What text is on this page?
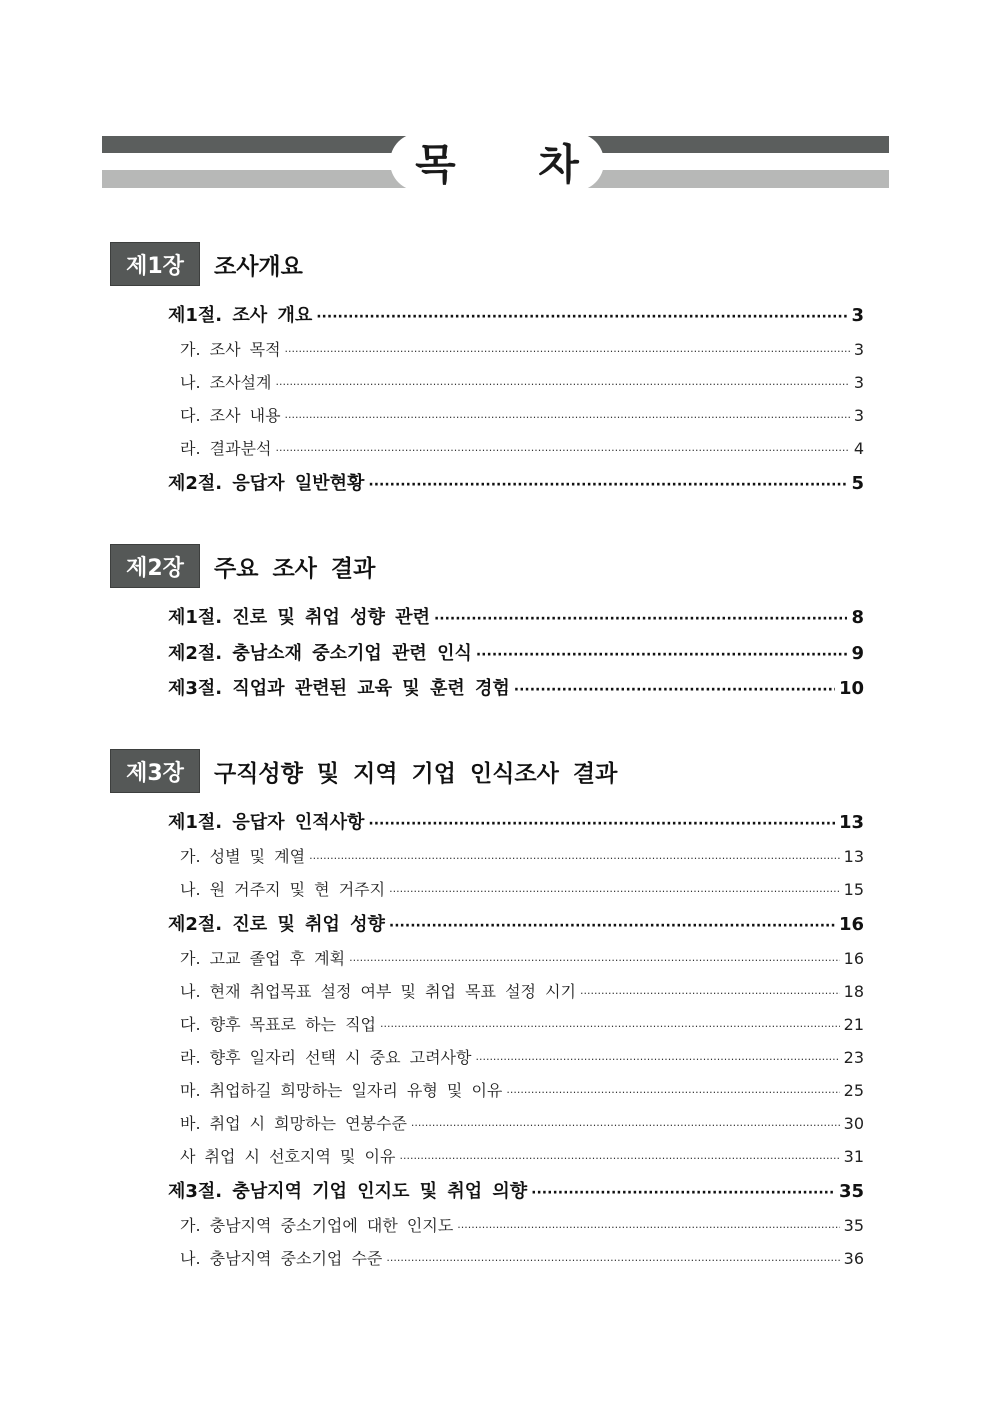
목 차
제1장	조사개요
제1절. 조사 개요 ·····	3
가. 조사 목적 ·····	3
나. 조사설계 ·····	3
다. 조사 내용 ·····	3
라. 결과분석 ·····	4
제2절. 응답자 일반현황 ·····	5
제2장	주요 조사 결과
제1절. 진로 및 취업 성향 관련 ·····	8
제2절. 충남소재 중소기업 관련 인식 ·····	9
제3절. 직업과 관련된 교육 및 훈련 경험 ·····	10
제3장	구직성향 및 지역 기업 인식조사 결과
제1절. 응답자 인적사항 ·····	13
가. 성별 및 계열 ·····	13
나. 원 거주지 및 현 거주지 ·····	15
제2절. 진로 및 취업 성향 ·····	16
가. 고교 졸업 후 계획 ·····	16
나. 현재 취업목표 설정 여부 및 취업 목표 설정 시기 ·····	18
다. 향후 목표로 하는 직업 ·····	21
라. 향후 일자리 선택 시 중요 고려사항 ·····	23
마. 취업하길 희망하는 일자리 유형 및 이유 ·····	25
바. 취업 시 희망하는 연봉수준 ·····	30
사 취업 시 선호지역 및 이유 ·····	31
제3절. 충남지역 기업 인지도 및 취업 의향 ·····	35
가. 충남지역 중소기업에 대한 인지도 ·····	35
나. 충남지역 중소기업 수준 ·····	36
